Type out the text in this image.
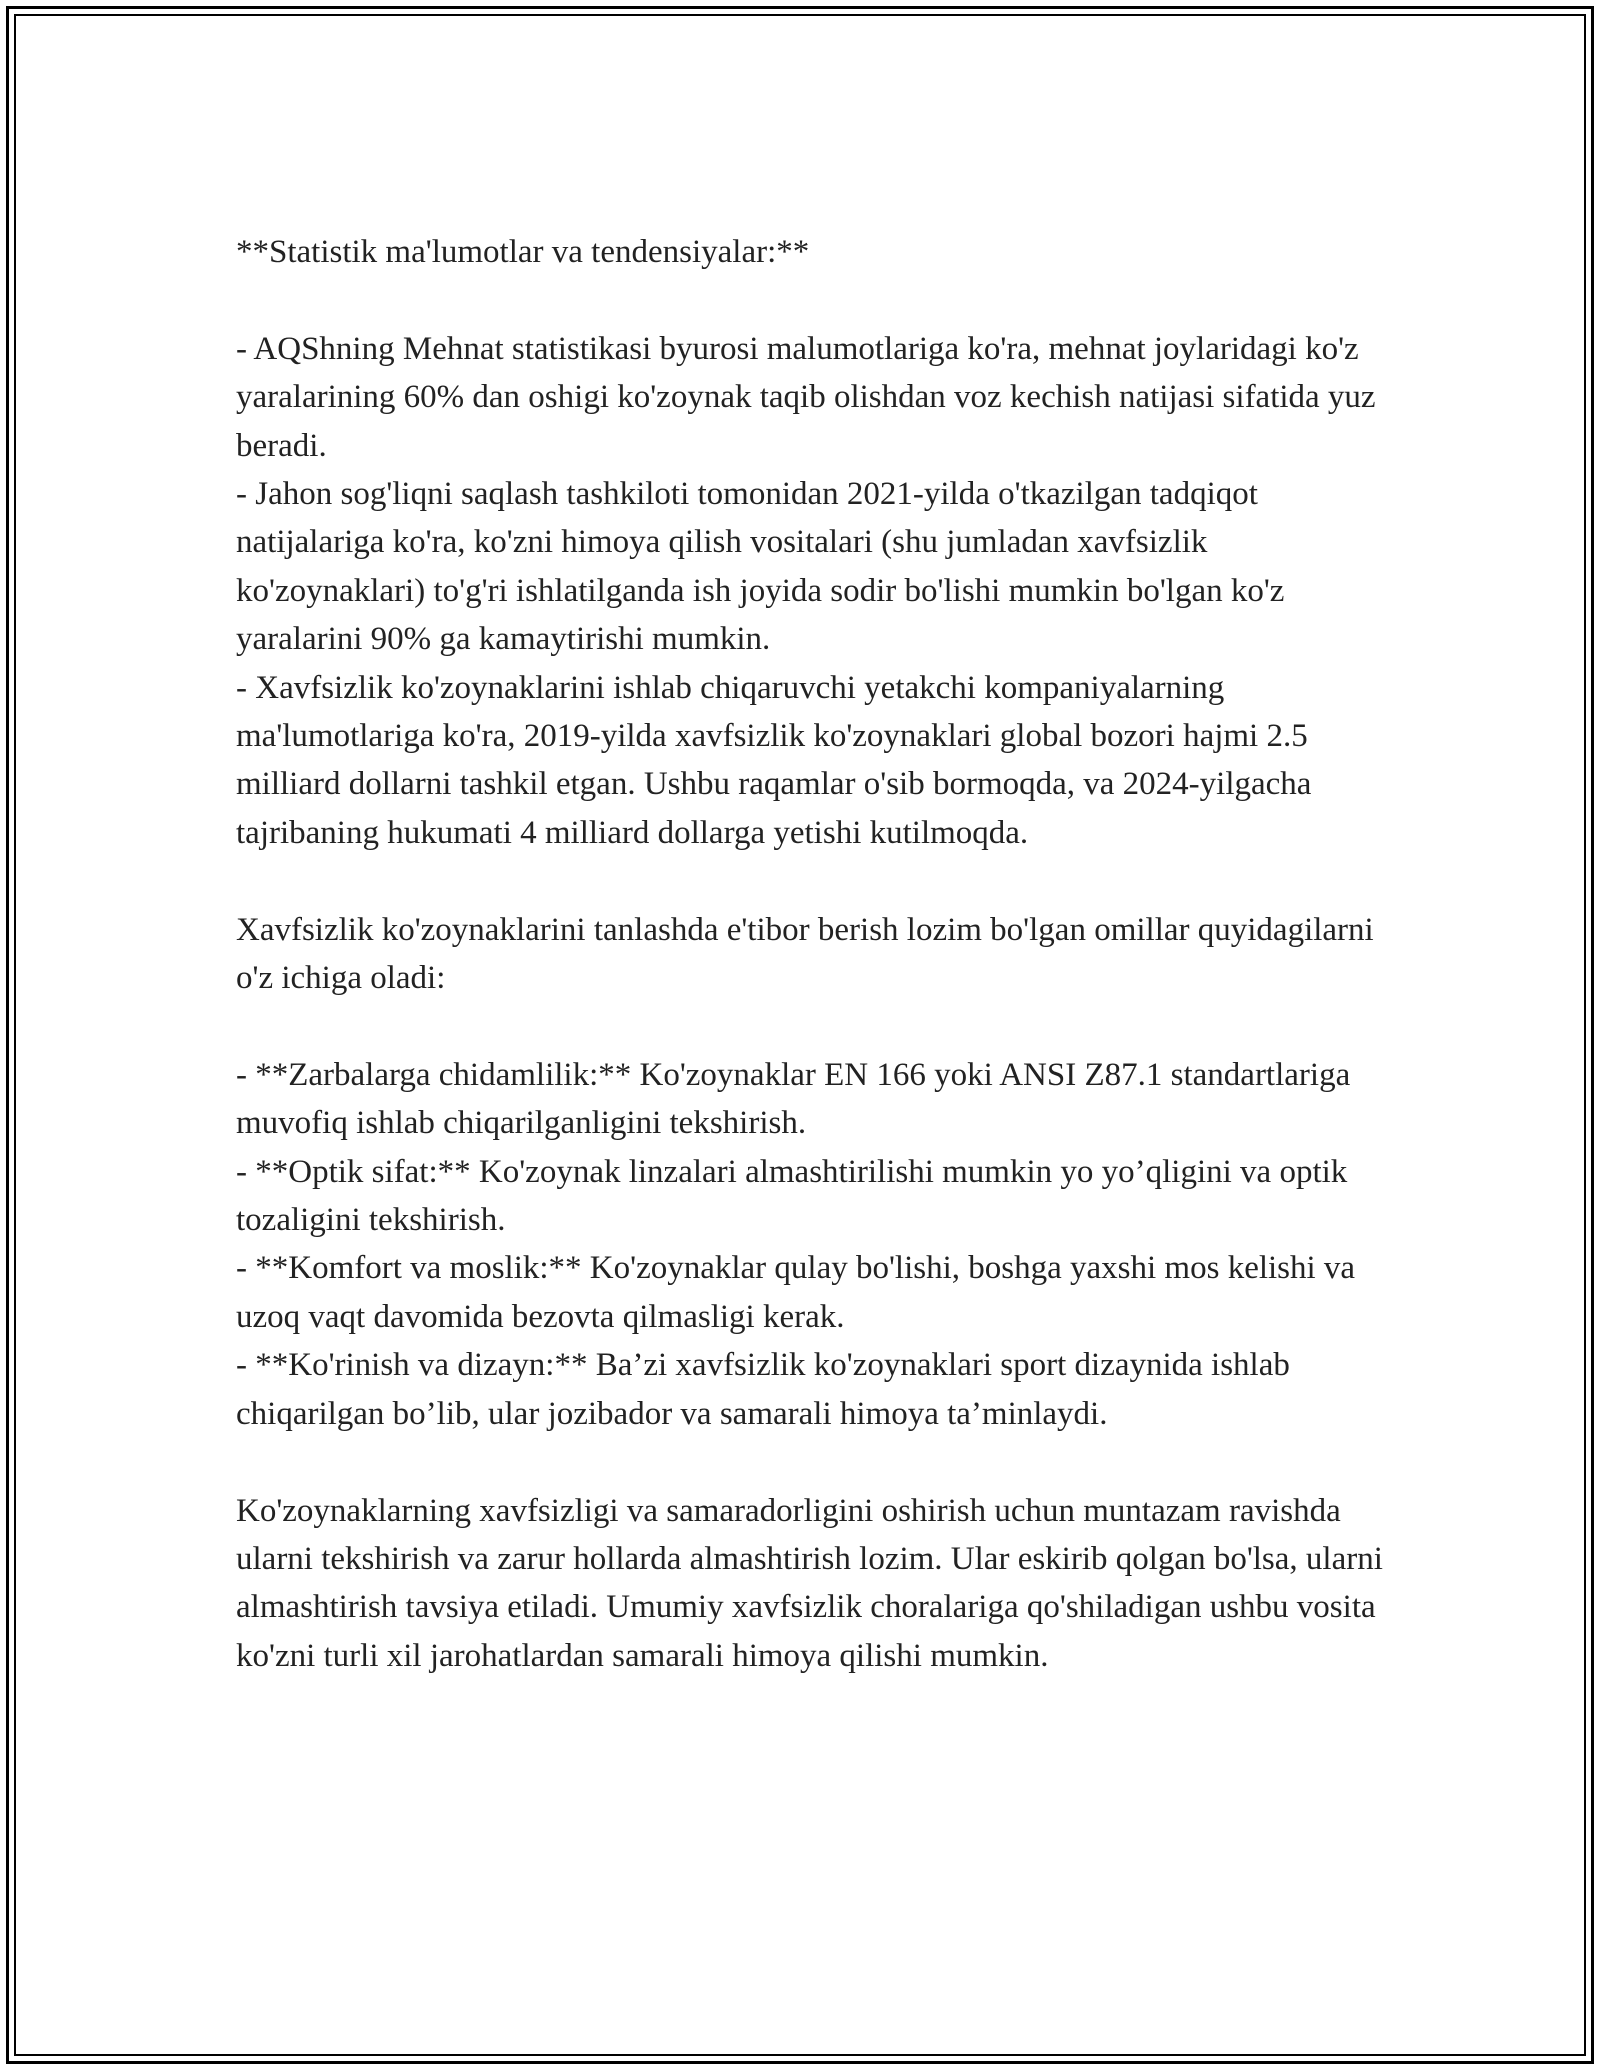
**Statistik ma'lumotlar va tendensiyalar:**

- AQShning Mehnat statistikasi byurosi malumotlariga ko'ra, mehnat joylaridagi ko'z yaralarining 60% dan oshigi ko'zoynak taqib olishdan voz kechish natijasi sifatida yuz beradi.

- Jahon sog'liqni saqlash tashkiloti tomonidan 2021-yilda o'tkazilgan tadqiqot natijalariga ko'ra, ko'zni himoya qilish vositalari (shu jumladan xavfsizlik ko'zoynaklari) to'g'ri ishlatilganda ish joyida sodir bo'lishi mumkin bo'lgan ko'z yaralarini 90% ga kamaytirishi mumkin.

- Xavfsizlik ko'zoynaklarini ishlab chiqaruvchi yetakchi kompaniyalarning ma'lumotlariga ko'ra, 2019-yilda xavfsizlik ko'zoynaklari global bozori hajmi 2.5 milliard dollarni tashkil etgan. Ushbu raqamlar o'sib bormoqda, va 2024-yilgacha tajribaning hukumati 4 milliard dollarga yetishi kutilmoqda.

Xavfsizlik ko'zoynaklarini tanlashda e'tibor berish lozim bo'lgan omillar quyidagilarni o'z ichiga oladi:

- **Zarbalarga chidamlilik:** Ko'zoynaklar EN 166 yoki ANSI Z87.1 standartlariga muvofiq ishlab chiqarilganligini tekshirish.

- **Optik sifat:** Ko'zoynak linzalari almashtirilishi mumkin yo yo’qligini va optik tozaligini tekshirish.

- **Komfort va moslik:** Ko'zoynaklar qulay bo'lishi, boshga yaxshi mos kelishi va uzoq vaqt davomida bezovta qilmasligi kerak.

- **Ko'rinish va dizayn:** Ba’zi xavfsizlik ko'zoynaklari sport dizaynida ishlab chiqarilgan bo’lib, ular jozibador va samarali himoya ta’minlaydi.

Ko'zoynaklarning xavfsizligi va samaradorligini oshirish uchun muntazam ravishda ularni tekshirish va zarur hollarda almashtirish lozim. Ular eskirib qolgan bo'lsa, ularni almashtirish tavsiya etiladi. Umumiy xavfsizlik choralariga qo'shiladigan ushbu vosita ko'zni turli xil jarohatlardan samarali himoya qilishi mumkin.
